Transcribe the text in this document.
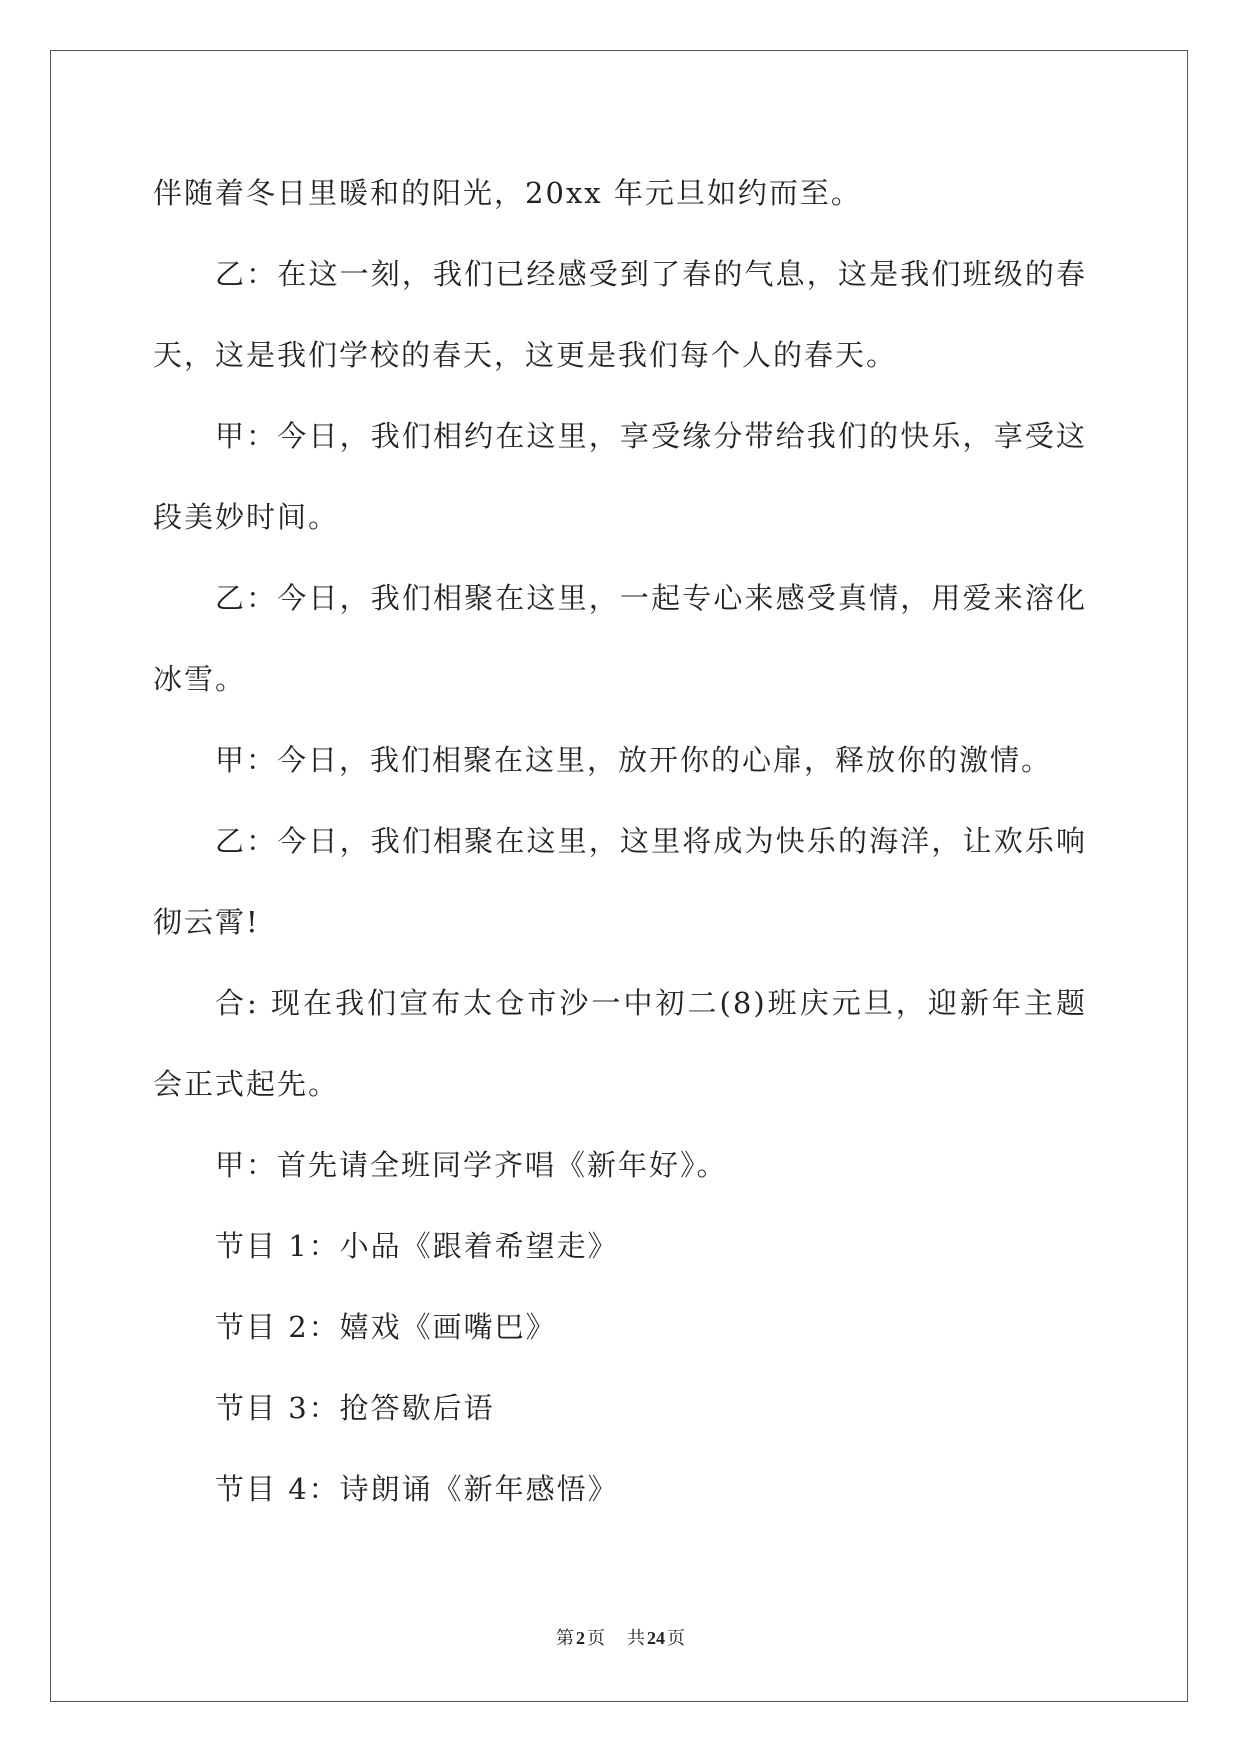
伴随着冬日里暖和的阳光，20xx 年元旦如约而至。
乙：在这一刻，我们已经感受到了春的气息，这是我们班级的春
天，这是我们学校的春天，这更是我们每个人的春天。
甲：今日，我们相约在这里，享受缘分带给我们的快乐，享受这
段美妙时间。
乙：今日，我们相聚在这里，一起专心来感受真情，用爱来溶化
冰雪。
甲：今日，我们相聚在这里，放开你的心扉，释放你的激情。
乙：今日，我们相聚在这里，这里将成为快乐的海洋，让欢乐响
彻云霄!
合: 现在我们宣布太仓市沙一中初二(8)班庆元旦，迎新年主题
会正式起先。
甲：首先请全班同学齐唱《新年好》。
节目 1：小品《跟着希望走》
节目 2：嬉戏《画嘴巴》
节目 3：抢答歇后语
节目 4：诗朗诵《新年感悟》
第 2 页 共 24 页
